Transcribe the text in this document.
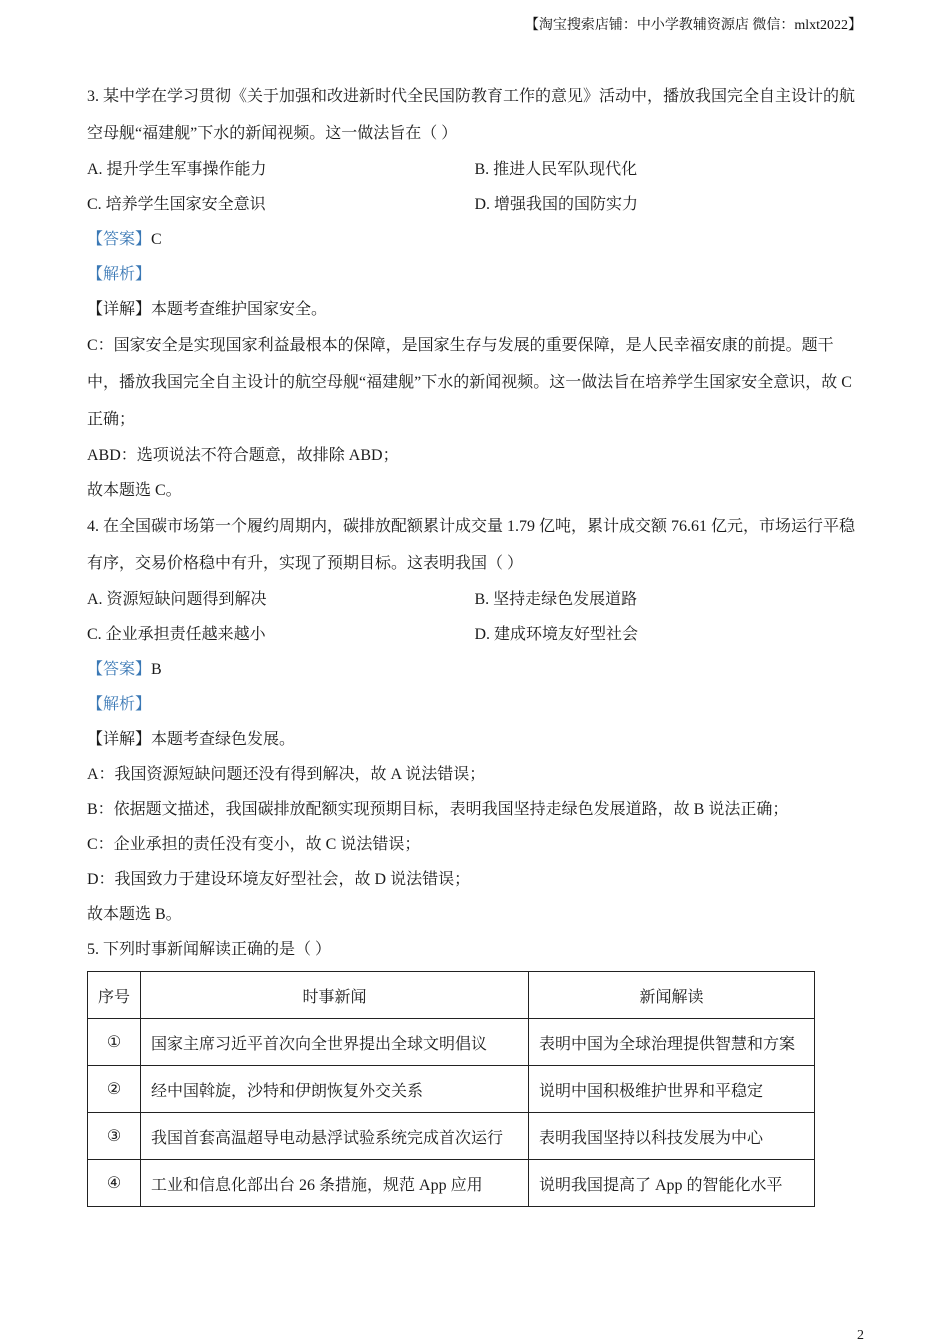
【淘宝搜索店铺：中小学教辅资源店 微信：mlxt2022】
3. 某中学在学习贯彻《关于加强和改进新时代全民国防教育工作的意见》活动中，播放我国完全自主设计的航空母舰“福建舰”下水的新闻视频。这一做法旨在（ ）
A. 提升学生军事操作能力	B. 推进人民军队现代化
C. 培养学生国家安全意识	D. 增强我国的国防实力
【答案】C
【解析】
【详解】本题考查维护国家安全。
C：国家安全是实现国家利益最根本的保障，是国家生存与发展的重要保障，是人民幸福安康的前提。题干中，播放我国完全自主设计的航空母舰“福建舰”下水的新闻视频。这一做法旨在培养学生国家安全意识，故 C 正确；
ABD：选项说法不符合题意，故排除 ABD；
故本题选 C。
4. 在全国碳市场第一个履约周期内，碳排放配额累计成交量 1.79 亿吨，累计成交额 76.61 亿元，市场运行平稳有序，交易价格稳中有升，实现了预期目标。这表明我国（ ）
A. 资源短缺问题得到解决	B. 坚持走绿色发展道路
C. 企业承担责任越来越小	D. 建成环境友好型社会
【答案】B
【解析】
【详解】本题考查绿色发展。
A：我国资源短缺问题还没有得到解决，故 A 说法错误；
B：依据题文描述，我国碳排放配额实现预期目标，表明我国坚持走绿色发展道路，故 B 说法正确；
C：企业承担的责任没有变小，故 C 说法错误；
D：我国致力于建设环境友好型社会，故 D 说法错误；
故本题选 B。
5. 下列时事新闻解读正确的是（ ）
序号	时事新闻	新闻解读
①	国家主席习近平首次向全世界提出全球文明倡议	表明中国为全球治理提供智慧和方案
②	经中国斡旋，沙特和伊朗恢复外交关系	说明中国积极维护世界和平稳定
③	我国首套高温超导电动悬浮试验系统完成首次运行	表明我国坚持以科技发展为中心
④	工业和信息化部出台 26 条措施，规范 App 应用	说明我国提高了 App 的智能化水平
2
